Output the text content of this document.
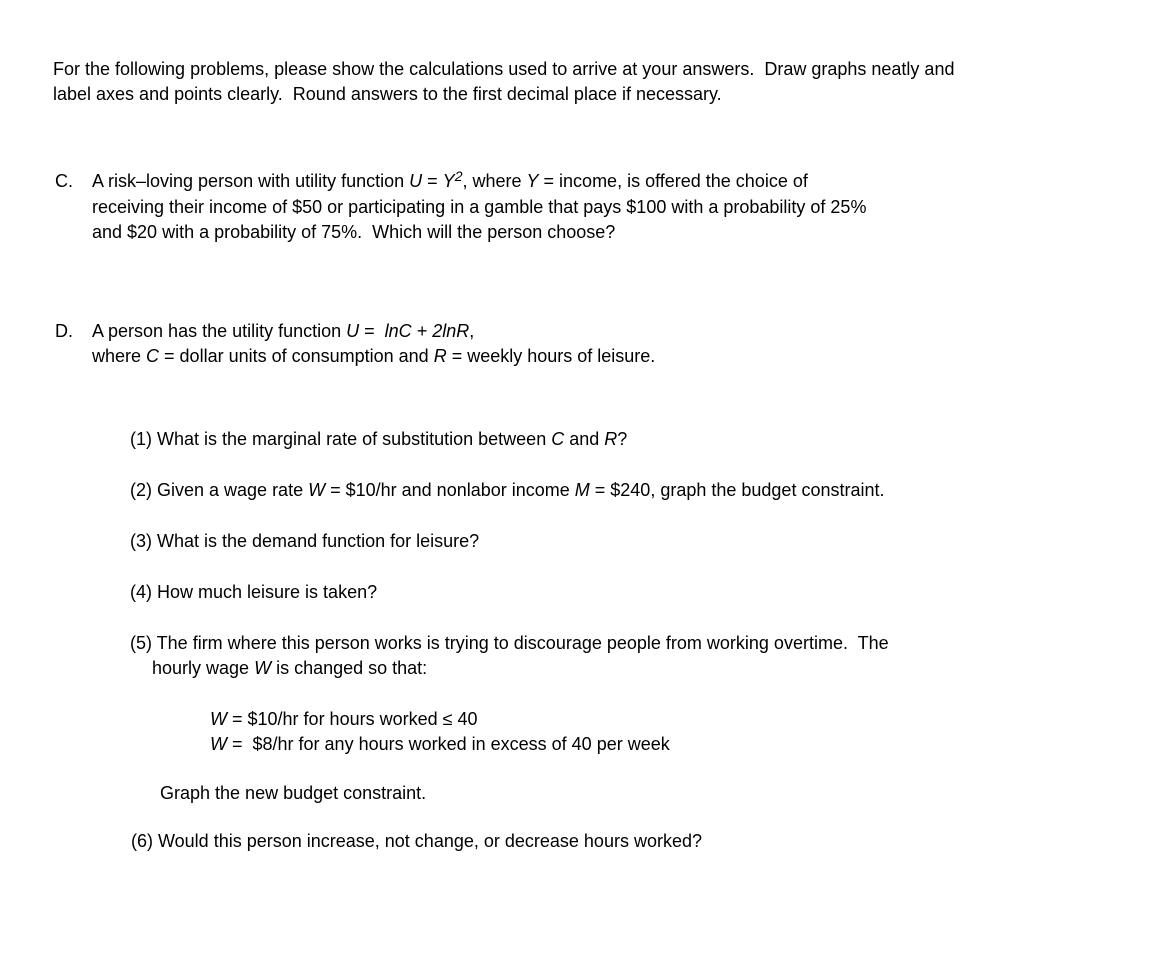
For the following problems, please show the calculations used to arrive at your answers.  Draw graphs neatly and
label axes and points clearly.  Round answers to the first decimal place if necessary.
C.	A risk–loving person with utility function $U = Y^2$, where Y = income, is offered the choice of
receiving their income of $50 or participating in a gamble that pays $100 with a probability of 25%
and $20 with a probability of 75%.  Which will the person choose?
D.	A person has the utility function U =  lnC + 2lnR,
where C = dollar units of consumption and R = weekly hours of leisure.
(1) What is the marginal rate of substitution between C and R?
(2) Given a wage rate W = $10/hr and nonlabor income M = $240, graph the budget constraint.
(3) What is the demand function for leisure?
(4) How much leisure is taken?
(5) The firm where this person works is trying to discourage people from working overtime.  The
hourly wage W is changed so that:
W = $10/hr for hours worked ≤ 40
W =  $8/hr for any hours worked in excess of 40 per week
Graph the new budget constraint.
(6) Would this person increase, not change, or decrease hours worked?
